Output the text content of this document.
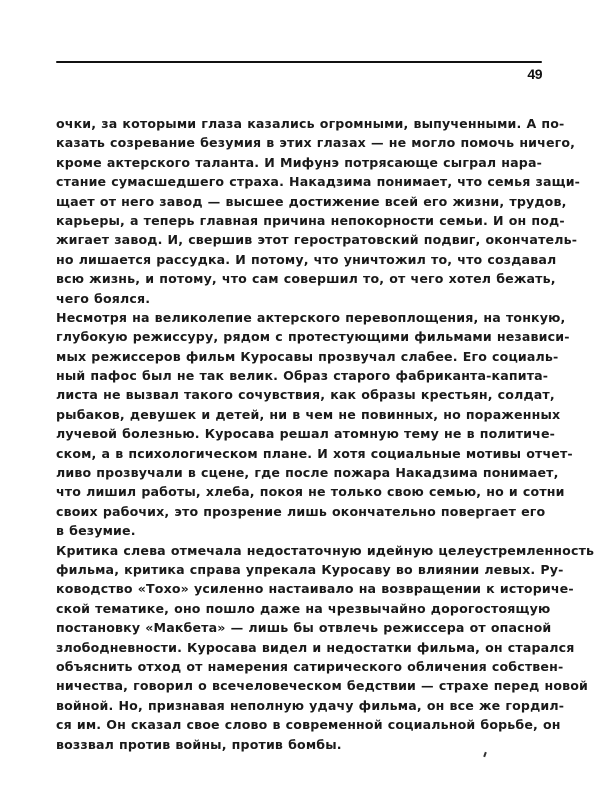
49
очки, за которыми глаза казались огромными, выпученными. А по-
казать созревание безумия в этих глазах — не могло помочь ничего,
кроме актерского таланта. И Мифунэ потрясающе сыграл нара-
стание сумасшедшего страха. Накадзима понимает, что семья защи-
щает от него завод — высшее достижение всей его жизни, трудов,
карьеры, а теперь главная причина непокорности семьи. И он под-
жигает завод. И, свершив этот герострaтовский подвиг, окончатель-
но лишается рассудка. И потому, что уничтожил то, что создавал
всю жизнь, и потому, что сам совершил то, от чего хотел бежать,
чего боялся.
Несмотря на великолепие актерского перевоплощения, на тонкую,
глубокую режиссуру, рядом с протестующими фильмами независи-
мых режиссеров фильм Куросавы прозвучал слабее. Его социаль-
ный пафос был не так велик. Образ старого фабриканта-капита-
листа не вызвал такого сочувствия, как образы крестьян, солдат,
рыбаков, девушек и детей, ни в чем не повинных, но пораженных
лучевой болезнью. Куросава решал атомную тему не в политиче-
ском, а в психологическом плане. И хотя социальные мотивы отчет-
ливо прозвучали в сцене, где после пожара Накадзима понимает,
что лишил работы, хлеба, покоя не только свою семью, но и сотни
своих рабочих, это прозрение лишь окончательно повергает его
в безумие.
Критика слева отмечала недостаточную идейную целеустремленность
фильма, критика справа упрекала Куросаву во влиянии левых. Ру-
ководство «Тохо» усиленно настаивало на возвращении к историче-
ской тематике, оно пошло даже на чрезвычайно дорогостоящую
постановку «Макбета» — лишь бы отвлечь режиссера от опасной
злободневности. Куросава видел и недостатки фильма, он старался
объяснить отход от намерения сатирического обличения собствен-
ничества, говорил о всечеловеческом бедствии — страхе перед новой
войной. Но, признавая неполную удачу фильма, он все же гордил-
ся им. Он сказал свое слово в современной социальной борьбе, он
воззвал против войны, против бомбы.
